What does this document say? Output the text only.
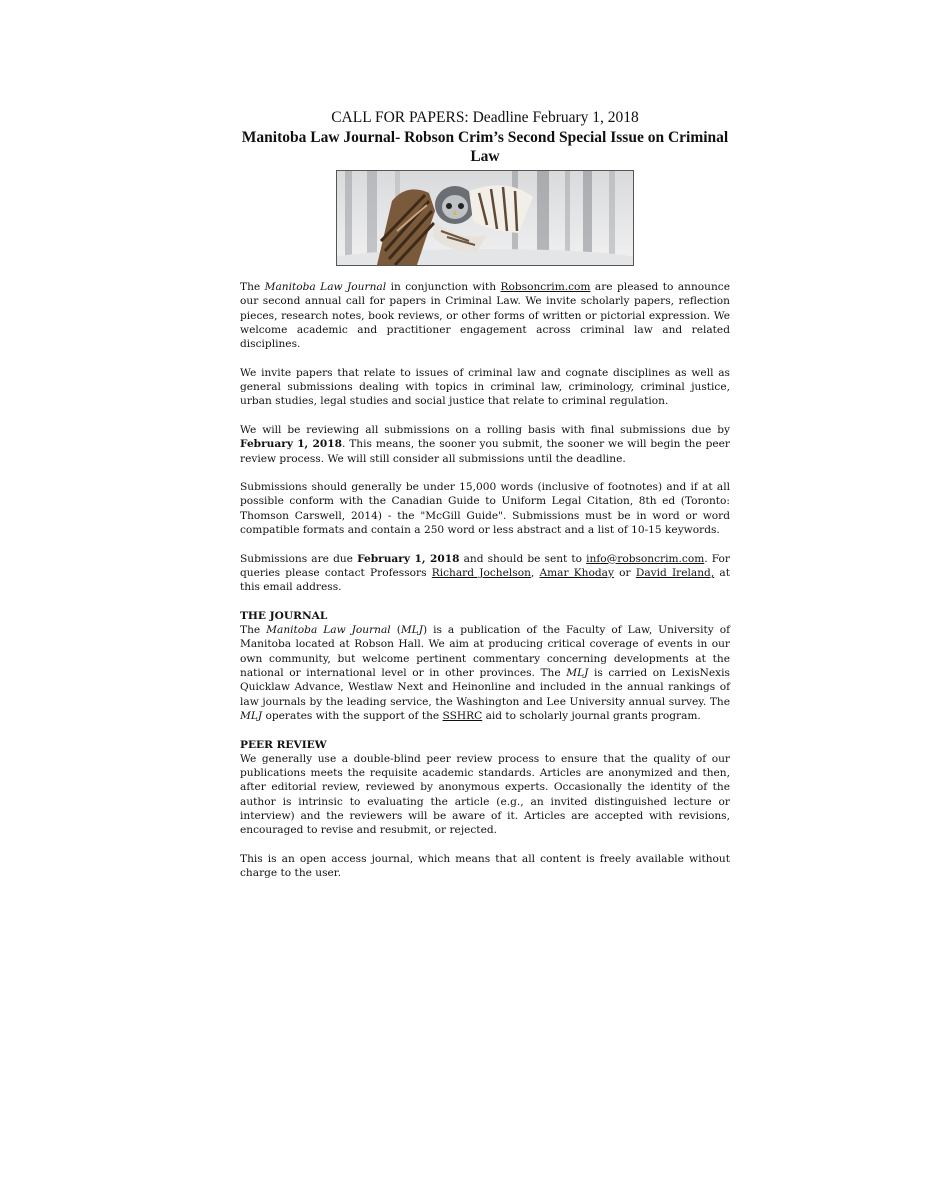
CALL FOR PAPERS: Deadline February 1, 2018
Manitoba Law Journal- Robson Crim’s Second Special Issue on Criminal Law

The Manitoba Law Journal in conjunction with Robsoncrim.com are pleased to announce our second annual call for papers in Criminal Law. We invite scholarly papers, reflection pieces, research notes, book reviews, or other forms of written or pictorial expression. We welcome academic and practitioner engagement across criminal law and related disciplines.

We invite papers that relate to issues of criminal law and cognate disciplines as well as general submissions dealing with topics in criminal law, criminology, criminal justice, urban studies, legal studies and social justice that relate to criminal regulation.

We will be reviewing all submissions on a rolling basis with final submissions due by February 1, 2018. This means, the sooner you submit, the sooner we will begin the peer review process. We will still consider all submissions until the deadline.

Submissions should generally be under 15,000 words (inclusive of footnotes) and if at all possible conform with the Canadian Guide to Uniform Legal Citation, 8th ed (Toronto: Thomson Carswell, 2014) - the "McGill Guide". Submissions must be in word or word compatible formats and contain a 250 word or less abstract and a list of 10-15 keywords.

Submissions are due February 1, 2018 and should be sent to info@robsoncrim.com. For queries please contact Professors Richard Jochelson, Amar Khoday or David Ireland, at this email address.

THE JOURNAL
The Manitoba Law Journal (MLJ) is a publication of the Faculty of Law, University of Manitoba located at Robson Hall. We aim at producing critical coverage of events in our own community, but welcome pertinent commentary concerning developments at the national or international level or in other provinces. The MLJ is carried on LexisNexis Quicklaw Advance, Westlaw Next and Heinonline and included in the annual rankings of law journals by the leading service, the Washington and Lee University annual survey. The MLJ operates with the support of the SSHRC aid to scholarly journal grants program.

PEER REVIEW
We generally use a double-blind peer review process to ensure that the quality of our publications meets the requisite academic standards. Articles are anonymized and then, after editorial review, reviewed by anonymous experts. Occasionally the identity of the author is intrinsic to evaluating the article (e.g., an invited distinguished lecture or interview) and the reviewers will be aware of it. Articles are accepted with revisions, encouraged to revise and resubmit, or rejected.

This is an open access journal, which means that all content is freely available without charge to the user.
